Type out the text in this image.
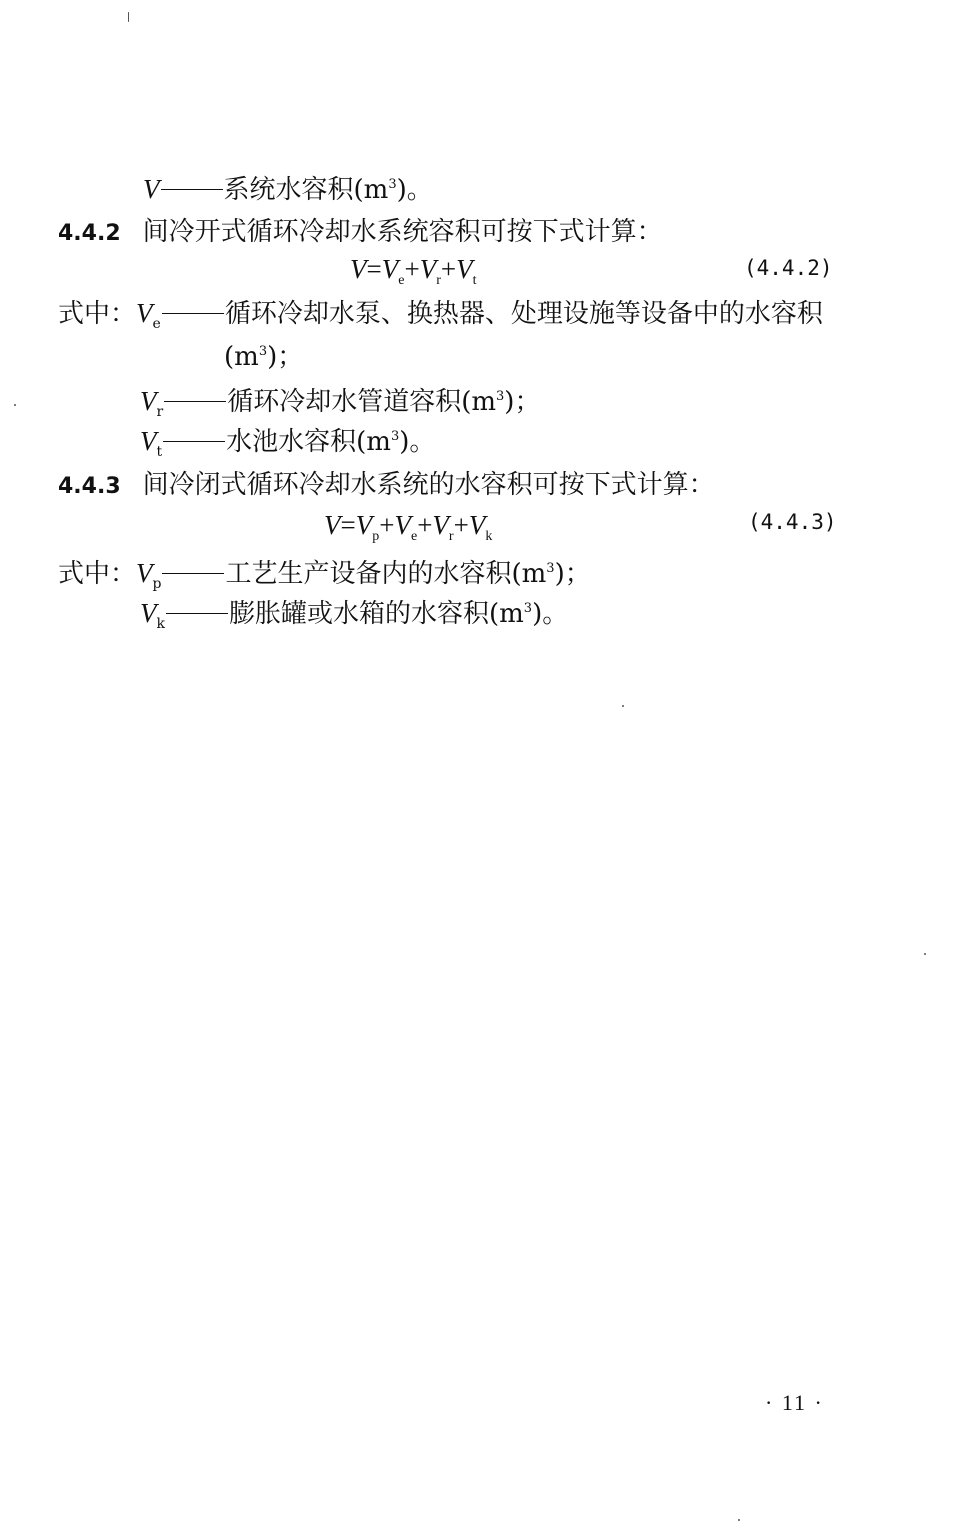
V 系统水容积$(m^3)$。
4.4.2 间冷开式循环冷却水系统容积可按下式计算：
$V=V_e+V_r+V_t$
(4.4.2)
式中：$V_e$ 循环冷却水泵、换热器、处理设施等设备中的水容积
$(m^3)$；
$V_r$ 循环冷却水管道容积$(m^3)$；
$V_t$ 水池水容积$(m^3)$。
4.4.3 间冷闭式循环冷却水系统的水容积可按下式计算：
$V=V_p+V_e+V_r+V_k$
(4.4.3)
式中：$V_p$ 工艺生产设备内的水容积$(m^3)$；
$V_k$ 膨胀罐或水箱的水容积$(m^3)$。
· 11 ·
